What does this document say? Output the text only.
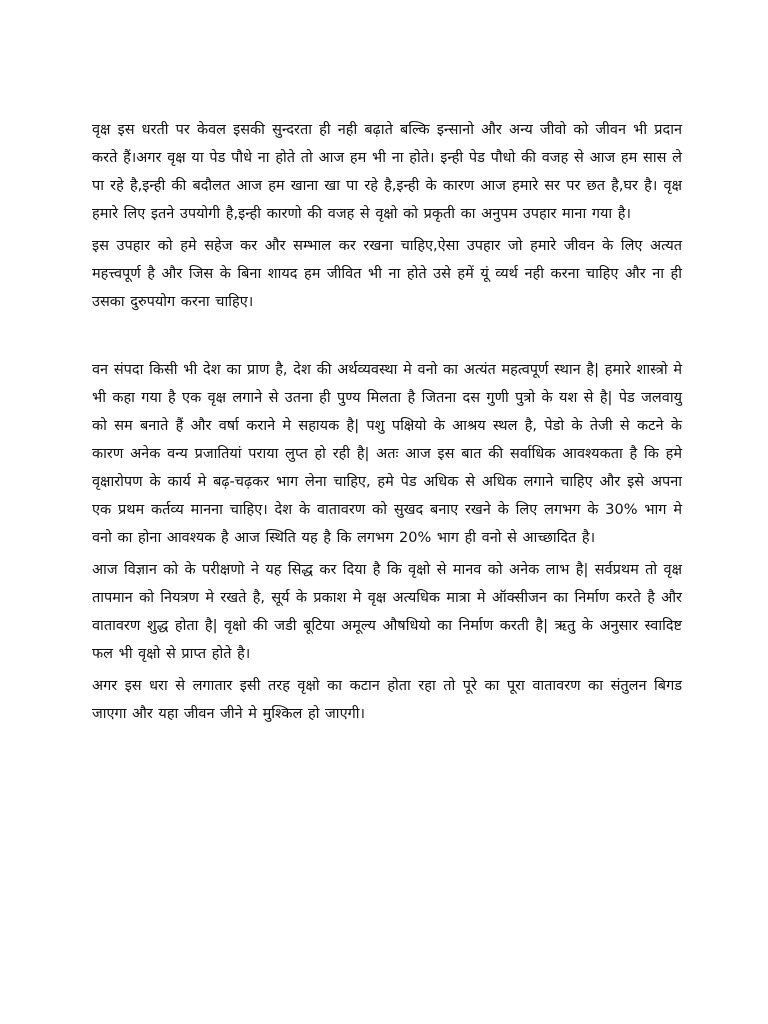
वृक्ष इस धरती पर केवल इसकी सुन्दरता ही नही बढ़ाते बल्कि इन्सानो और अन्य जीवो को जीवन भी प्रदान करते हैं।अगर वृक्ष या पेड पौधे ना होते तो आज हम भी ना होते। इन्ही पेड पौधो की वजह से आज हम सास ले पा रहे है,इन्ही की बदौलत आज हम खाना खा पा रहे है,इन्ही के कारण आज हमारे सर पर छत है,घर है। वृक्ष हमारे लिए इतने उपयोगी है,इन्ही कारणो की वजह से वृक्षो को प्रकृती का अनुपम उपहार माना गया है।

इस उपहार को हमे सहेज कर और सम्भाल कर रखना चाहिए,ऐसा उपहार जो हमारे जीवन के लिए अत्यत महत्त्वपूर्ण है और जिस के बिना शायद हम जीवित भी ना होते उसे हमें यूं व्यर्थ नही करना चाहिए और ना ही उसका दुरुपयोग करना चाहिए।

वन संपदा किसी भी देश का प्राण है, देश की अर्थव्यवस्था मे वनो का अत्यंत महत्वपूर्ण स्थान है| हमारे शास्त्रो मे भी कहा गया है एक वृक्ष लगाने से उतना ही पुण्य मिलता है जितना दस गुणी पुत्रो के यश से है| पेड जलवायु को सम बनाते हैं और वर्षा कराने मे सहायक है| पशु पक्षियो के आश्रय स्थल है, पेडो के तेजी से कटने के कारण अनेक वन्य प्रजातियां पराया लुप्त हो रही है| अतः आज इस बात की सर्वाधिक आवश्यकता है कि हमे वृक्षारोपण के कार्य मे बढ़-चढ़कर भाग लेना चाहिए, हमे पेड अधिक से अधिक लगाने चाहिए और इसे अपना एक प्रथम कर्तव्य मानना चाहिए। देश के वातावरण को सुखद बनाए रखने के लिए लगभग के 30% भाग मे वनो का होना आवश्यक है आज स्थिति यह है कि लगभग 20% भाग ही वनो से आच्छादित है।

आज विज्ञान को के परीक्षणो ने यह सिद्ध कर दिया है कि वृक्षो से मानव को अनेक लाभ है| सर्वप्रथम तो वृक्ष तापमान को नियत्रण मे रखते है, सूर्य के प्रकाश मे वृक्ष अत्यधिक मात्रा मे ऑक्सीजन का निर्माण करते है और वातावरण शुद्ध होता है| वृक्षो की जडी बूटिया अमूल्य औषधियो का निर्माण करती है| ऋतु के अनुसार स्वादिष्ट फल भी वृक्षो से प्राप्त होते है।

अगर इस धरा से लगातार इसी तरह वृक्षो का कटान होता रहा तो पूरे का पूरा वातावरण का संतुलन बिगड जाएगा और यहा जीवन जीने मे मुश्किल हो जाएगी।
